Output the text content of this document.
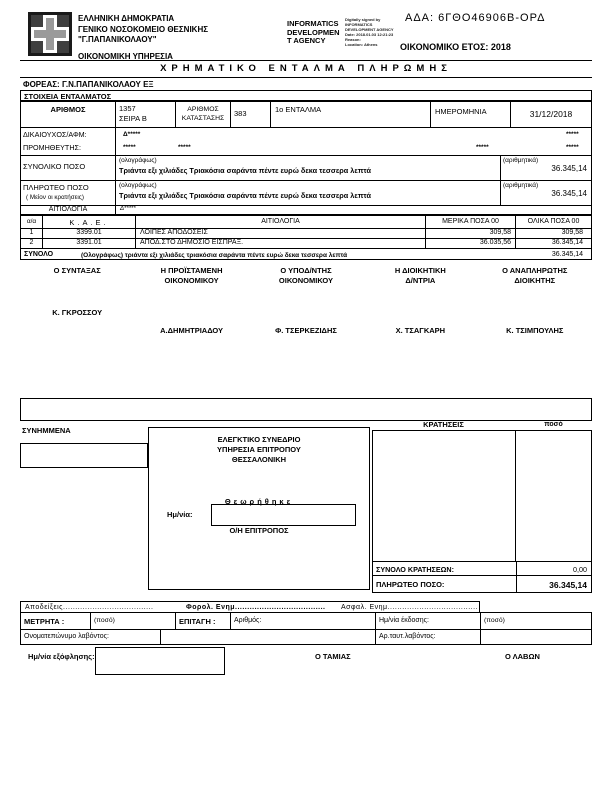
ΕΛΛΗΝΙΚΗ ΔΗΜΟΚΡΑΤΙΑ
ΓΕΝΙΚΟ ΝΟΣΟΚΟΜΕΙΟ ΘΕΣΝΙΚΗΣ
"Γ.ΠΑΠΑΝΙΚΟΛΑΟΥ"
ΟΙΚΟΝΟΜΙΚΗ ΥΠΗΡΕΣΙΑ
INFORMATICS
DEVELOPMEN
T AGENCY
Digitally signed by
INFORMATICS
DEVELOPMENT AGENCY
Date: 2018.01.03 12:21:23
Reason:
Location: Athens
ΑΔΑ: 6ΓΘΟ46906Β-ΟΡΔ
ΟΙΚΟΝΟΜΙΚΟ ΕΤΟΣ: 2018
ΧΡΗΜΑΤΙΚΟ ΕΝΤΑΛΜΑ ΠΛΗΡΩΜΗΣ
ΦΟΡΕΑΣ: Γ.Ν.ΠΑΠΑΝΙΚΟΛΑΟΥ ΕΞ
ΣΤΟΙΧΕΙΑ ΕΝΤΑΛΜΑΤΟΣ
ΑΡΙΘΜΟΣ	1357
ΣΕΙΡΑ Β
ΑΡΙΘΜΟΣ ΚΑΤΑΣΤΑΣΗΣ
383	1ο ΕΝΤΑΛΜΑ	ΗΜΕΡΟΜΗΝΙΑ	31/12/2018
ΔΙΚΑΙΟΥΧΟΣ/ΑΦΜ:
ΠΡΟΜΗΘΕΥΤΗΣ:
Δ*****	*****
*****	*****	*****	*****
ΣΥΝΟΛΙΚΟ ΠΟΣΟ
(ολογράφως)
Τριάντα εξι χιλιάδες Τριακόσια σαράντα πέντε ευρώ δεκα τεσσερα λεπτά
(αριθμητικά)
36.345,14
ΠΛΗΡΩΤΕΟ ΠΟΣΟ
( Μείον οι κρατήσεις)
(ολογράφως)
Τριάντα εξι χιλιάδες Τριακόσια σαράντα πέντε ευρώ δεκα τεσσερα λεπτά
(αριθμητικά)
36.345,14
ΑΙΤΙΟΛΟΓΙΑ	Δ*****
α/α	Κ.Α.Ε.	ΑΙΤΙΟΛΟΓΙΑ	ΜΕΡΙΚΑ ΠΟΣΑ 00	ΟΛΙΚΑ ΠΟΣΑ 00
1	3399.01	ΛΟΙΠΕΣ ΑΠΟΔΟΣΕΙΣ	309,58	309,58
2	3391.01	ΑΠΟΔ.ΣΤΟ ΔΗΜΟΣΙΟ ΕΙΣΠΡΑΞ.	36.035,56	36.345,14
ΣΥΝΟΛΟ	(Ολογράφως) τριάντα εξι χιλιάδες τριακόσια σαράντα πέντε ευρώ δεκα τεσσερα λεπτά	36.345,14
Ο ΣΥΝΤΑΞΑΣ
Κ. ΓΚΡΟΣΣΟΥ
Η ΠΡΟΪΣΤΑΜΕΝΗ
ΟΙΚΟΝΟΜΙΚΟΥ
Α.ΔΗΜΗΤΡΙΑΔΟΥ
Ο ΥΠΟΔ/ΝΤΗΣ
ΟΙΚΟΝΟΜΙΚΟΥ
Φ. ΤΣΕΡΚΕΖΙΔΗΣ
Η ΔΙΟΙΚΗΤΙΚΗ
Δ/ΝΤΡΙΑ
Χ. ΤΣΑΓΚΑΡΗ
Ο ΑΝΑΠΛΗΡΩΤΗΣ
ΔΙΟΙΚΗΤΗΣ
Κ. ΤΣΙΜΠΟΥΛΗΣ
ΣΥΝΗΜΜΕΝΑ
ΕΛΕΓΚΤΙΚΟ ΣΥΝΕΔΡΙΟ
ΥΠΗΡΕΣΙΑ ΕΠΙΤΡΟΠΟΥ
ΘΕΣΣΑΛΟΝΙΚΗ
Θεωρήθηκε
Ημ/νία:
Ο/Η ΕΠΙΤΡΟΠΟΣ
ΚΡΑΤΗΣΕΙΣ	ποσό
ΣΥΝΟΛΟ ΚΡΑΤΗΣΕΩΝ:	0,00
ΠΛΗΡΩΤΕΟ ΠΟΣΟ:	36.345,14
Αποδείξεις.....................................	Φορολ. Ενημ..................................... Ασφαλ. Ενημ.....................................
ΜΕΤΡΗΤΑ :	(ποσό)	ΕΠΙΤΑΓΗ :	Αριθμός:	Ημ/νία έκδοσης:	(ποσό)
Ονοματεπώνυμο λαβόντος:	Αρ.ταυτ.λαβόντος:
Ημ/νία εξόφλησης:	Ο ΤΑΜΙΑΣ	Ο ΛΑΒΩΝ
